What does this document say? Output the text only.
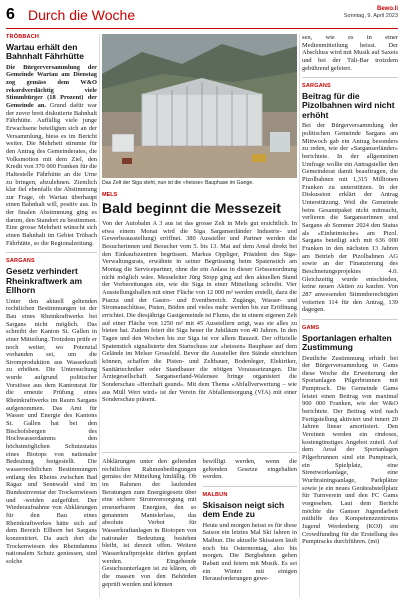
6 Durch die Woche	Bewo.li
Sonntag, 9. April 2023
TRÖBBACH
Wartau erhält den Bahnhalt Fährhütte

Die Bürgerversammlung der Gemeinde Wartau am Dienstag zog gemäss dem W&O rekordverdächtig viele Stimmbürger (18 Prozent) der Gemeinde an. Grund dafür war der zuvor breit diskutierte Bahnhalt Fährhütte. Auffällig viele junge Erwachsene beteiligten sich an der Versammlung, hiess es im Bericht weiter. Die Mehrheit stimmte für den Antrag des Gemeinderates, die Volksmotion mit dem Ziel, den Kredit von 370 000 Franken für die Haltestelle Fährhütte an die Urne zu bringen, abzulehnen. Ziemlich klar fiel ebenfalls die Abstimmung zur Frage, ob Wartau überhaupt einen Bahnhalt will, positiv aus. In der finalen Abstimmung ging es darum, den Standort zu bestimmen. Eine grosse Mehrheit wünscht sich einen Bahnhalt im Gebiet Tröbach Fährhütte, so die Regionalzeitung.

SARGANS
Gesetz verhindert Rheinkraftwerk am Ellhorn

Unter den aktuell geltenden rechtlichen Bestimmungen ist der Bau eines Rheinkraftwerks bei Sargans nicht möglich. Das schreibt der Kanton St. Gallen in einer Mitteilung. Trotzdem prüfe er noch weiter, wo Potenzial vorhanden sei, um die Stromproduktion aus Wasserkraft zu erhöhen. Die Untersuchung wurde aufgrund politischer Vorstösse aus dem Kantonsrat für die erneute Prüfung eines Rheinkraftwerks im Raum Sargans aufgenommen. Das Amt für Wasser und Energie des Kantons St. Gallen hat bei den Bischofsbergen des Hochwasserdamms den höchstmöglichen Schutzstatus eines Biotops von nationaler Bedeutung festgestellt. Die wasserrechtlichen Bestimmungen entlang des Rheins zwischen Bad Ragaz und Sennwald sind im Bundesinventar der Trockenwiesen und -weiden aufgeführt. Der Wiederaufnahme von Abklärungen für den Bau eines Rheinkraftwerkes hätte sich auf dem Bereich Ellhorn bei Sargans konzentriert. Da auch dort die Trockenwiesen des Rheindamms nationalem Schutz geniessen, sind solche

Das Zelt der Siga steht, nun ist die «heisse» Bauphase im Gange.
MELS
Bald beginnt die Messezeit

Von der Autobahn A 3 aus ist das grosse Zelt in Mels gut ersichtlich. In etwa einem Monat wird die Siga Sarganserländer Industrie- und Gewerbeausstellung) eröffnet. 380 Aussteller und Partner werden die Besucherinnen und Besucher vom 5. bis 13. Mai auf dem Areal direkt bei den Einkaufszentren begrüssen. Markus Oppliger, Präsident des Siga-Verwaltungsrats, erwähnte in seiner Begrüssung beim Spatenstich am Montag die Servicepartner, ohne die ein Anlass in dieser Grössenordnung nicht möglich wäre. Messeleiter Jürg Stopp ging auf den aktuellen Stand der Vorbereitungen ein, wie die Siga in einer Mitteilung schreibt. Vier Ausstellungshallen mit einer Fläche von 12 000 m² werden erstellt, dazu die Piazza und der Gastro- und Eventbereich. Zugänge, Wasser- und Stromanschlüsse, Pisten, Böden und vieles mehr werden bis zur Eröffnung errichtet. Die diesjährige Gastgemeinde ist Flums, die in einem eigenen Zelt auf einer Fläche von 1250 m² mit 45 Ausstellern zeigt, was sie alles zu bieten hat. Zudem feiert die Siga heuer ihr Jubiläum von 40 Jahren. In den Tagen und den Wochen bis zur Siga ist vor allem Bauzeit. Der offizielle Spatenstich signalisierte den Startschuss zur «heissen» Bauphase auf dem Gelände im Melser Grossfeld. Bevor die Aussteller ihre Stände einrichten können, schaffen die Pisten- und Zeltbauer, Bodenleger, Elektriker, Sanitärtechniker oder Standbauer die nötigen Voraussetzungen. Die Ärztegesellschaft Sarganserland-Walensee bringe organisiert die Sonderschau «Herzhaft gsund». Mit dem Thema «Abfallverwertung – wie aus Müll Wert wird» ist der Verein für Abfallentsorgung (VfA) mit einer Sonderschau präsent.

Abklärungen unter den geltenden rechtlichen Rahmenbedingungen gemäss der Mitteilung hinfällig. Ob im Rahmen der laufenden Beratungen zum Energiegesetz über eine sichere Stromversorgung mit erneuerbaren Energien, den so genannten Mantelerlass, das absolute Verbot für Wasserkraftanlagen in Biotopen von nationaler Bedeutung bestehen bleibt, ist derzeit offen. Weitere Wasserkraftprojekte dürfen geplant werden. Eingehende Gesuchsunterlagen ist zu klären, ob die massen von den Behörden geprüft werden und können

bewilligt werden, wenn die geltenden Gesetze eingehalten werden.

MALBUN
Skisaison neigt sich dem Ende zu

Heute und morgen heisst es für diese Saison ein letztes Mal Ski fahren in Malbun. Die aktuelle Skisaison läuft noch bis Ostermontag, also bis morgen. Die Bergbahnen geben Rabatt und feiern mit Musik. Es sei ein Winter mit einigen Herausforderungen gewe-

sen, wie es in einer Medienmitteilung heisst. Der Abschluss wird mit Musik auf Saxeis und bei der Täli-Bar trotzdem gebührend gefeiert.

SARGANS
Beitrag für die Pizolbahnen wird nicht erhöht

Bei der Bürgerversammlung der politischen Gemeinde Sargans am Mittwoch gab ein Antrag besonders zu reden, wie der «Sarganserländer» berichtete. In der allgemeinen Umfrage wollte ein Antragsteller den Gemeinderat damit beauftragen, die Pizolbahnen mit 1,315 Millionen Franken zu unterstützen. In der Diskussion erklärt der Antrag Unterstützung. Weil die Gemeinde beim Gesamtpaket nicht mitmacht, verlieren die Sarganserinnen und Sargans ab Sommer 2024 den Status als «Einheimische» am Pizol. Sargans beteiligt sich mit 636 000 Franken in den nächsten 13 Jahren am Betrieb der Pizolbahnen AG sowie an der Finanzierung des Beschneiungsprojektes 4.0. Gleichzeitig wurde entschieden, keine neuen Aktien zu kaufen. Von 287 anwesenden Stimmberechtigten votierten 114 für den Antrag, 139 dagegen.

GAMS
Sportanlagen erhalten Zustimmung

Deutliche Zustimmung erhielt bei der Bürgerversammlung in Gams diese Woche die Erweiterung der Sportanlagen Pilgerbrunnen mit Pumptrack. Die Gemeinde Gams leistet einen Beitrag von maximal 900 000 Franken, wie der W&O berichtete. Der Beitrag wird nach Fertigstellung aktiviert und innert 20 Jahren linear amortisiert. Den Vereinen werden ein rindoses, kostengünstiges Angebot zuteil. Auf dem Areal der Sportanlagen Pilgerbrunnen sind ein Pumptrack, ein Spielplatz, eine Streetworkanlage, eine Wurftrainingsanlage, Parkplätze sowie je ein neues Geräteabstellplatz für Turnverein und den FC Gams vorgesehen. Laut dem Bericht möchte die Gamser Jugendarbeit mithilfe des Kompetenzzentrums Jugend Werdenberg (KOJ) ein Crowdfunding für die Erstellung des Pumptracks durchführen. (mi)
